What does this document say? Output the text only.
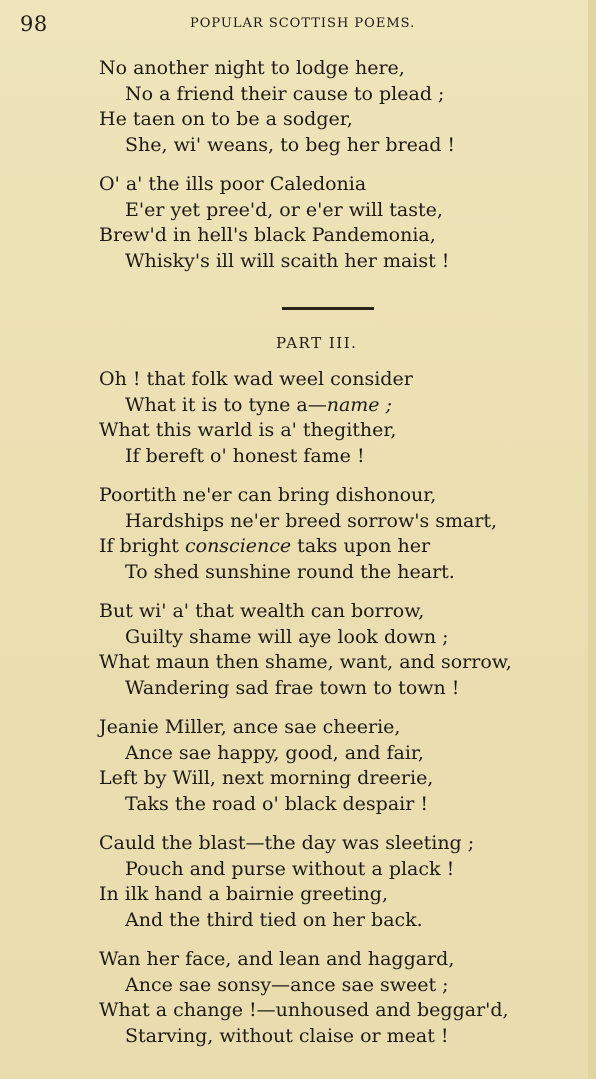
98	POPULAR SCOTTISH POEMS.
No another night to lodge here,
No a friend their cause to plead ;
He taen on to be a sodger,
She, wi' weans, to beg her bread !
O' a' the ills poor Caledonia
E'er yet pree'd, or e'er will taste,
Brew'd in hell's black Pandemonia,
Whisky's ill will scaith her maist !
PART III.
Oh ! that folk wad weel consider
What it is to tyne a—name ;
What this warld is a' thegither,
If bereft o' honest fame !
Poortith ne'er can bring dishonour,
Hardships ne'er breed sorrow's smart,
If bright conscience taks upon her
To shed sunshine round the heart.
But wi' a' that wealth can borrow,
Guilty shame will aye look down ;
What maun then shame, want, and sorrow,
Wandering sad frae town to town !
Jeanie Miller, ance sae cheerie,
Ance sae happy, good, and fair,
Left by Will, next morning dreerie,
Taks the road o' black despair !
Cauld the blast—the day was sleeting ;
Pouch and purse without a plack !
In ilk hand a bairnie greeting,
And the third tied on her back.
Wan her face, and lean and haggard,
Ance sae sonsy—ance sae sweet ;
What a change !—unhoused and beggar'd,
Starving, without claise or meat !
